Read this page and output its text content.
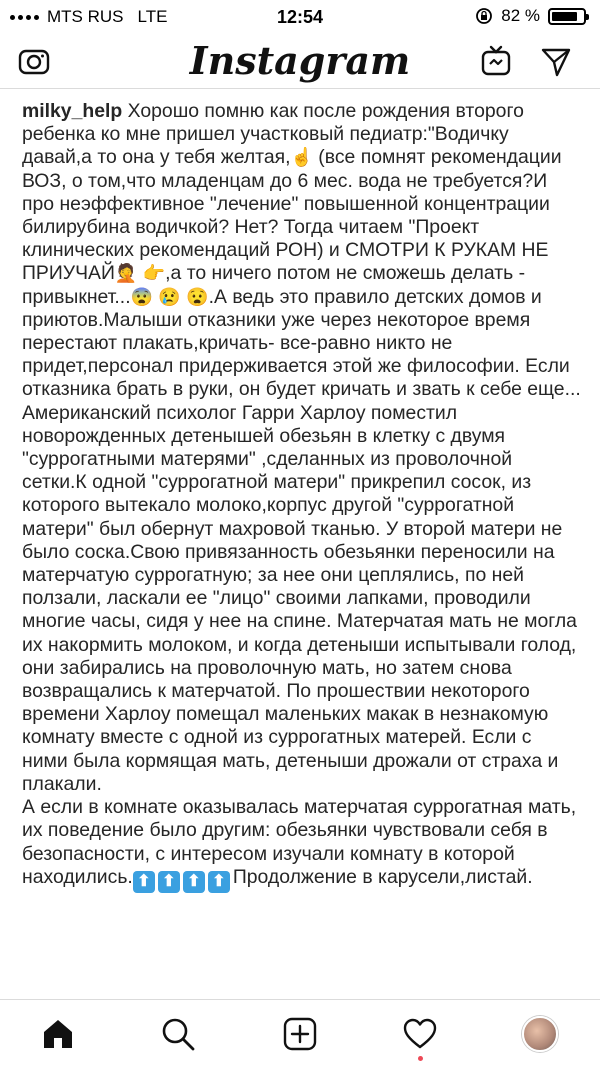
MTS RUS LTE	12:54	82 %
Instagram

milky_help Хорошо помню как после рождения второго ребенка ко мне пришел участковый педиатр:"Водичку давай,а то она у тебя желтая,☝ (все помнят рекомендации ВОЗ, о том,что младенцам до 6 мес. вода не требуется?И про неэффективное "лечение" повышенной концентрации билирубина водичкой? Нет? Тогда читаем "Проект клинических рекомендаций РОН) и СМОТРИ К РУКАМ НЕ ПРИУЧАЙ🤦 👉,а то ничего потом не сможешь делать - привыкнет...😨 😢 😧.А ведь это правило детских домов и приютов.Малыши отказники уже через некоторое время перестают плакать,кричать- все-равно никто не придет,персонал придерживается этой же философии. Если отказника брать в руки, он будет кричать и звать к себе еще...

Американский психолог Гарри Харлоу поместил новорожденных детенышей обезьян в клетку с двумя "суррогатными матерями" ,сделанных из проволочной сетки.К одной "суррогатной матери" прикрепил сосок, из которого вытекало молоко,корпус другой "суррогатной матери" был обернут махровой тканью. У второй матери не было соска.Свою привязанность обезьянки переносили на матерчатую суррогатную; за нее они цеплялись, по ней ползали, ласкали ее "лицо" своими лапками, проводили многие часы, сидя у нее на спине. Матерчатая мать не могла их накормить молоком, и когда детеныши испытывали голод, они забирались на проволочную мать, но затем снова возвращались к матерчатой. По прошествии некоторого времени Харлоу помещал маленьких макак в незнакомую комнату вместе с одной из суррогатных матерей. Если с ними была кормящая мать, детеныши дрожали от страха и плакали.

А если в комнате оказывалась матерчатая суррогатная мать, их поведение было другим: обезьянки чувствовали себя в безопасности, с интересом изучали комнату в которой
находились. ⬆ ⬆ ⬆ ⬆ Продолжение в карусели,листай.
